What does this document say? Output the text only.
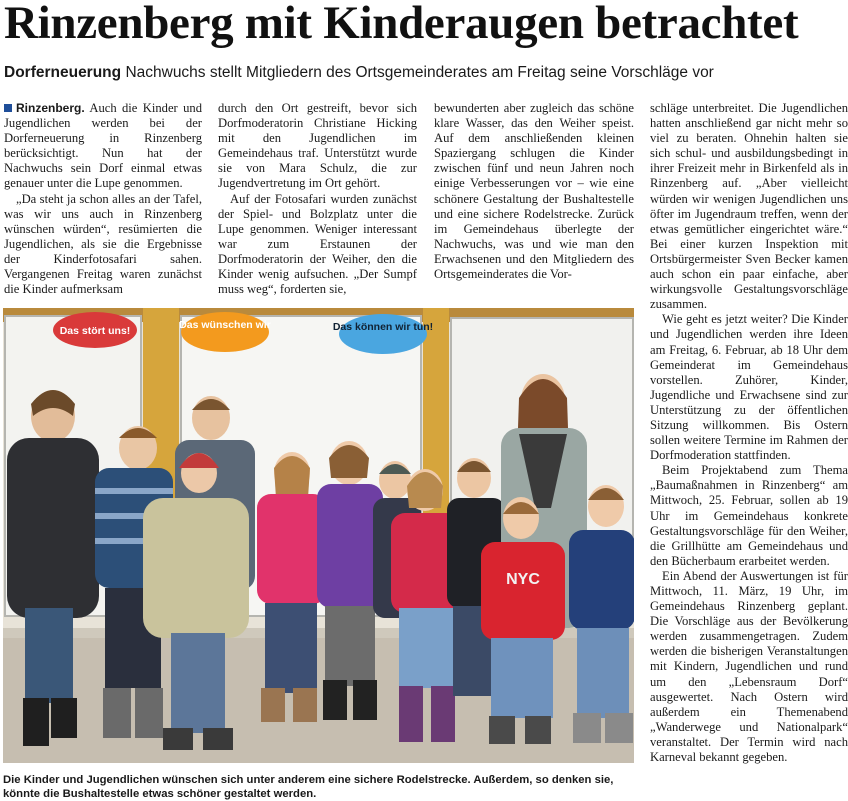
Rinzenberg mit Kinderaugen betrachtet
Dorferneuerung Nachwuchs stellt Mitgliedern des Ortsgemeinderates am Freitag seine Vorschläge vor

Rinzenberg. Auch die Kinder und Jugendlichen werden bei der Dorferneuerung in Rinzenberg berücksichtigt. Nun hat der Nachwuchs sein Dorf einmal etwas genauer unter die Lupe genommen.

„Da steht ja schon alles an der Tafel, was wir uns auch in Rinzenberg wünschen würden“, resümierten die Jugendlichen, als sie die Ergebnisse der Kinderfotosafari sahen. Vergangenen Freitag waren zunächst die Kinder aufmerksam

durch den Ort gestreift, bevor sich Dorfmoderatorin Christiane Hicking mit den Jugendlichen im Gemeindehaus traf. Unterstützt wurde sie von Mara Schulz, die zur Jugendvertretung im Ort gehört.

Auf der Fotosafari wurden zunächst der Spiel- und Bolzplatz unter die Lupe genommen. Weniger interessant war zum Erstaunen der Dorfmoderatorin der Weiher, den die Kinder wenig aufsuchen. „Der Sumpf muss weg“, forderten sie,

bewunderten aber zugleich das schöne klare Wasser, das den Weiher speist. Auf dem anschließenden kleinen Spaziergang schlugen die Kinder zwischen fünf und neun Jahren noch einige Verbesserungen vor – wie eine schönere Gestaltung der Bushaltestelle und eine sichere Rodelstrecke. Zurück im Gemeindehaus überlegte der Nachwuchs, was und wie man den Erwachsenen und den Mitgliedern des Ortsgemeinderates die Vor-

schläge unterbreitet. Die Jugendlichen hatten anschließend gar nicht mehr so viel zu beraten. Ohnehin halten sie sich schul- und ausbildungsbedingt in ihrer Freizeit mehr in Birkenfeld als in Rinzenberg auf. „Aber vielleicht würden wir wenigen Jugendlichen uns öfter im Jugendraum treffen, wenn der etwas gemütlicher eingerichtet wäre.“ Bei einer kurzen Inspektion mit Ortsbürgermeister Sven Becker kamen auch schon ein paar einfache, aber wirkungsvolle Gestaltungsvorschläge zusammen.

Wie geht es jetzt weiter? Die Kinder und Jugendlichen werden ihre Ideen am Freitag, 6. Februar, ab 18 Uhr dem Gemeinderat im Gemeindehaus vorstellen. Zuhörer, Kinder, Jugendliche und Erwachsene sind zur Unterstützung zu der öffentlichen Sitzung willkommen. Bis Ostern sollen weitere Termine im Rahmen der Dorfmoderation stattfinden.

Beim Projektabend zum Thema „Baumaßnahmen in Rinzenberg“ am Mittwoch, 25. Februar, sollen ab 19 Uhr im Gemeindehaus konkrete Gestaltungsvorschläge für den Weiher, die Grillhütte am Gemeindehaus und den Bücherbaum erarbeitet werden.

Ein Abend der Auswertungen ist für Mittwoch, 11. März, 19 Uhr, im Gemeindehaus Rinzenberg geplant. Die Vorschläge aus der Bevölkerung werden zusammengetragen. Zudem werden die bisherigen Veranstaltungen mit Kindern, Jugendlichen und rund um den „Lebensraum Dorf“ ausgewertet. Nach Ostern wird außerdem ein Themenabend „Wanderwege und Nationalpark“ veranstaltet. Der Termin wird nach Karneval bekannt gegeben.

Das stört uns!	Das wünschen wir	Das können wir tun!
NYC
Die Kinder und Jugendlichen wünschen sich unter anderem eine sichere Rodelstrecke. Außerdem, so denken sie,
könnte die Bushaltestelle etwas schöner gestaltet werden.
